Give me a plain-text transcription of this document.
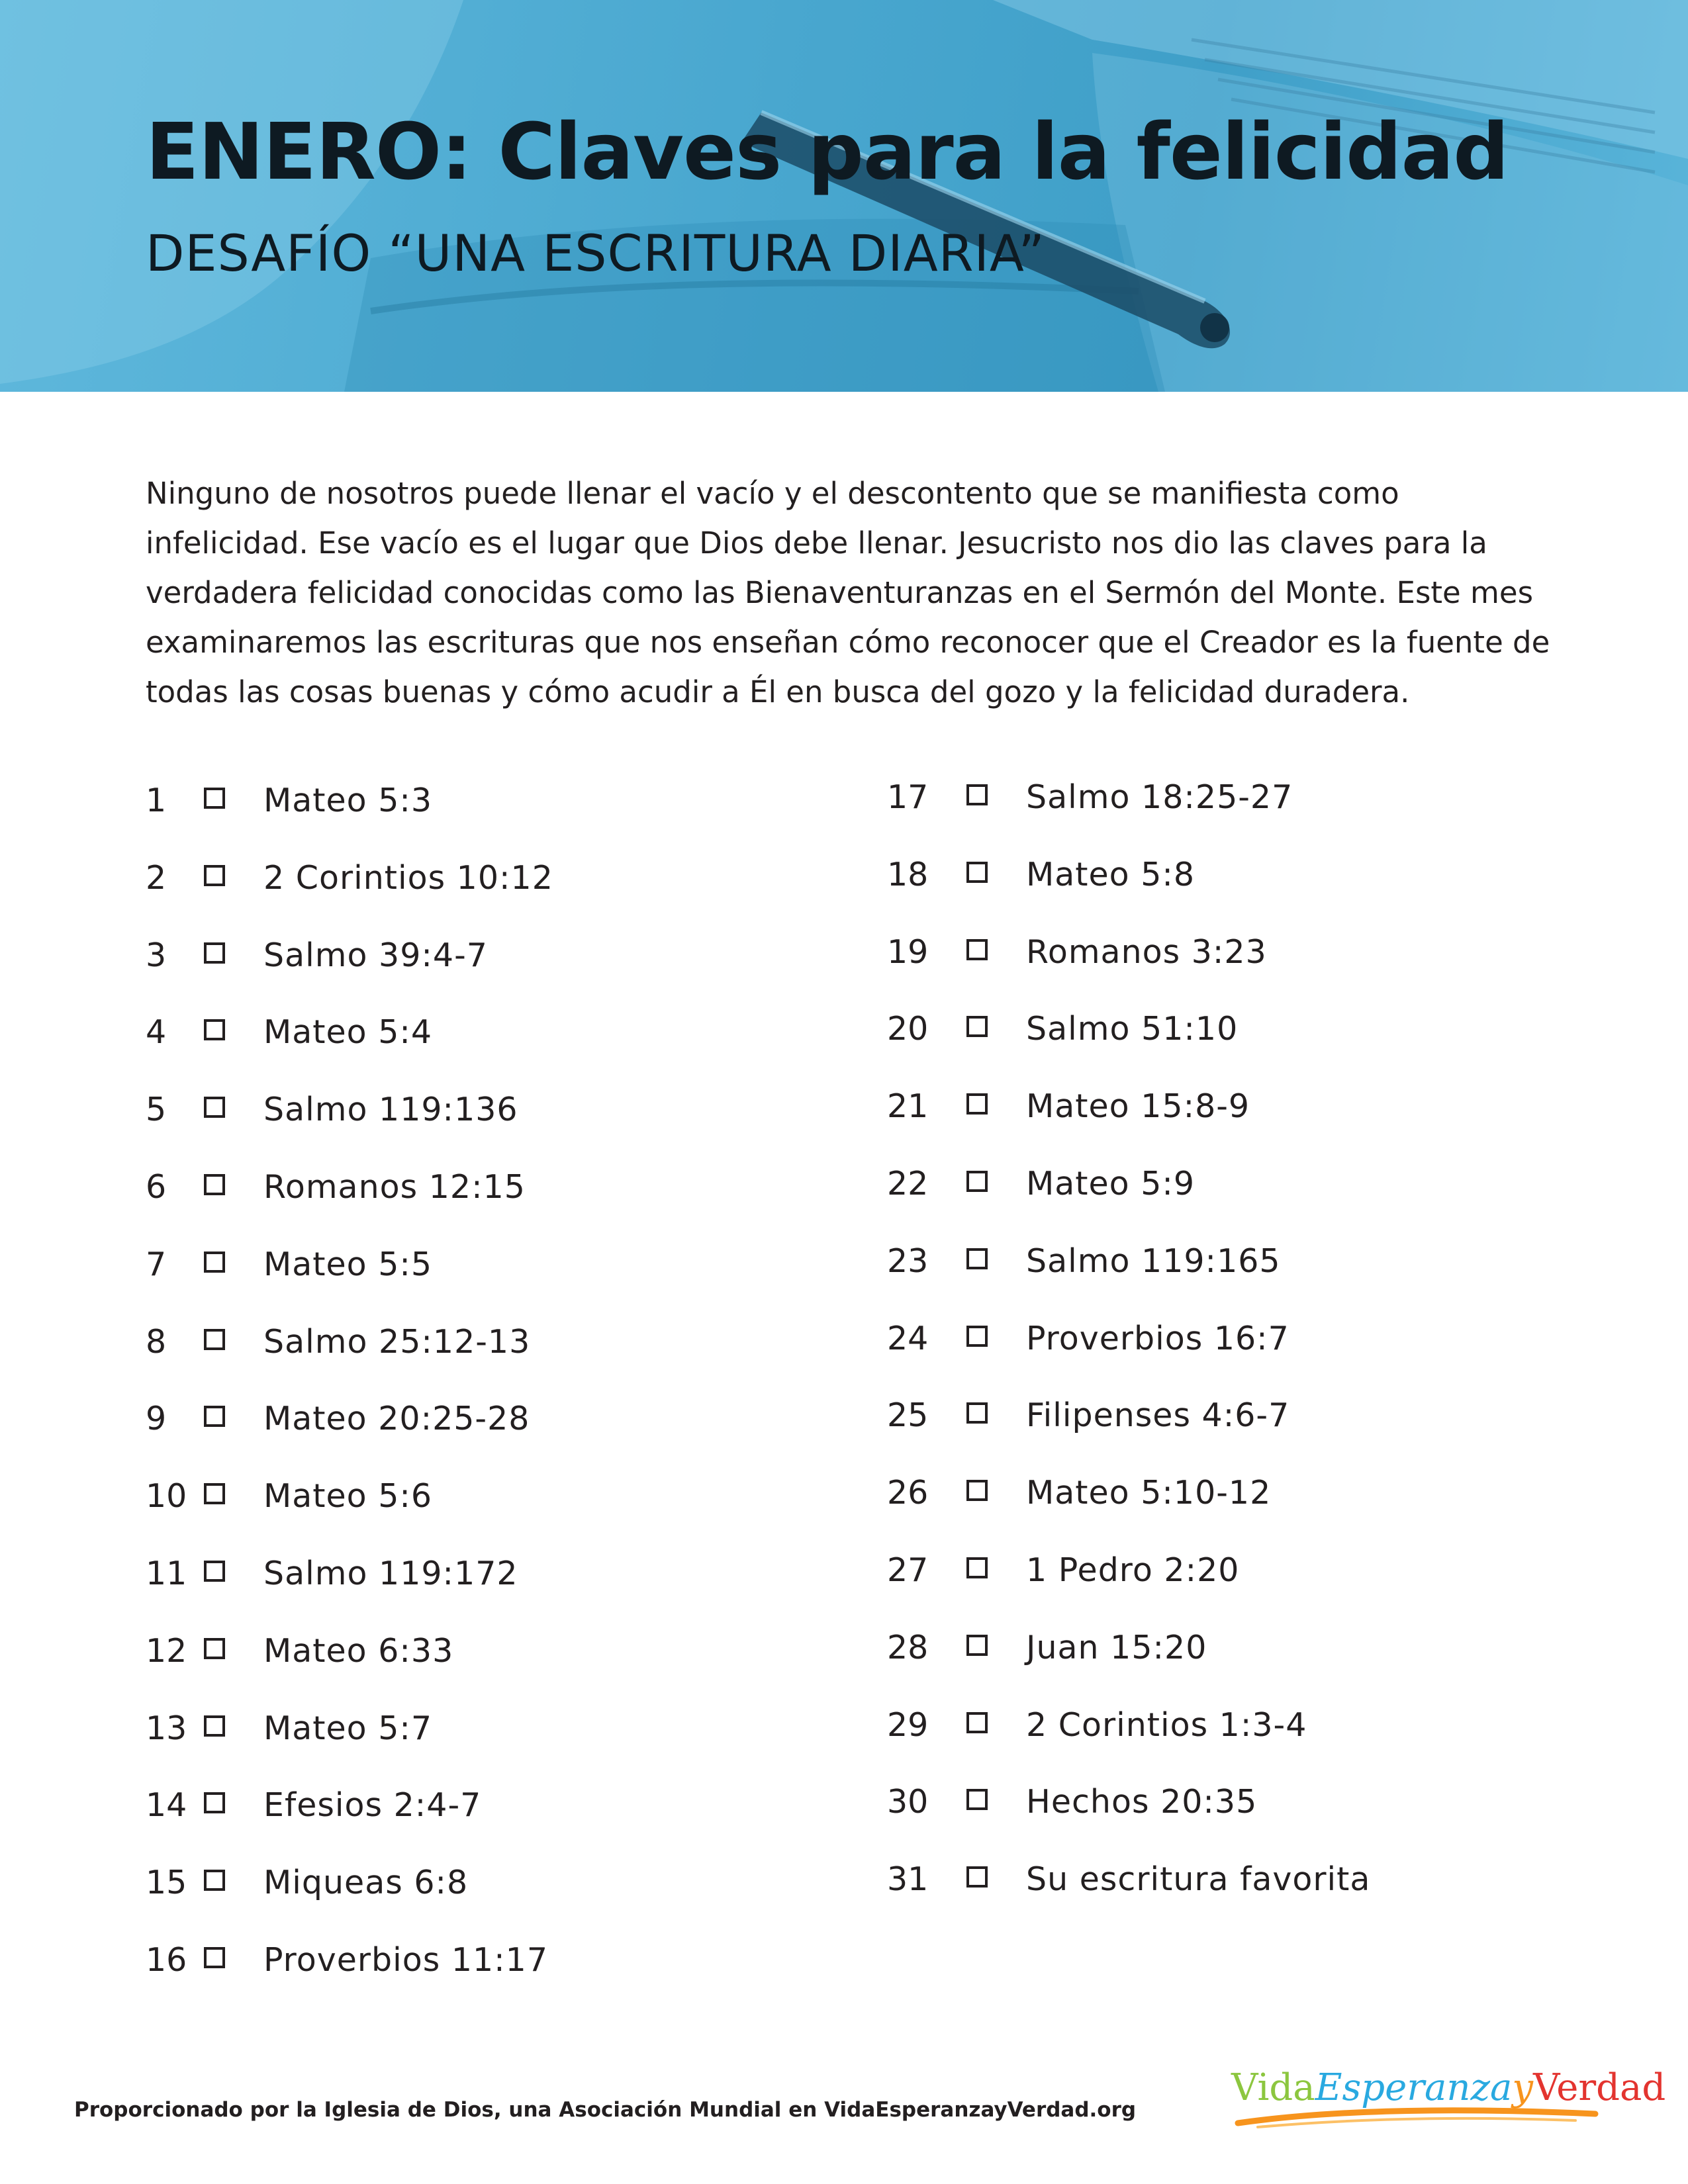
ENERO: Claves para la felicidad
DESAFÍO “UNA ESCRITURA DIARIA”

Ninguno de nosotros puede llenar el vacío y el descontento que se manifiesta como infelicidad. Ese vacío es el lugar que Dios debe llenar. Jesucristo nos dio las claves para la verdadera felicidad conocidas como las Bienaventuranzas en el Sermón del Monte. Este mes examinaremos las escrituras que nos enseñan cómo reconocer que el Creador es la fuente de todas las cosas buenas y cómo acudir a Él en busca del gozo y la felicidad duradera.

1	Mateo 5:3
2	2 Corintios 10:12
3	Salmo 39:4-7
4	Mateo 5:4
5	Salmo 119:136
6	Romanos 12:15
7	Mateo 5:5
8	Salmo 25:12-13
9	Mateo 20:25-28
10	Mateo 5:6
11	Salmo 119:172
12	Mateo 6:33
13	Mateo 5:7
14	Efesios 2:4-7
15	Miqueas 6:8
16	Proverbios 11:17
17	Salmo 18:25-27
18	Mateo 5:8
19	Romanos 3:23
20	Salmo 51:10
21	Mateo 15:8-9
22	Mateo 5:9
23	Salmo 119:165
24	Proverbios 16:7
25	Filipenses 4:6-7
26	Mateo 5:10-12
27	1 Pedro 2:20
28	Juan 15:20
29	2 Corintios 1:3-4
30	Hechos 20:35
31	Su escritura favorita

Proporcionado por la Iglesia de Dios, una Asociación Mundial en VidaEsperanzayVerdad.org

VidaEsperanzayVerdad
